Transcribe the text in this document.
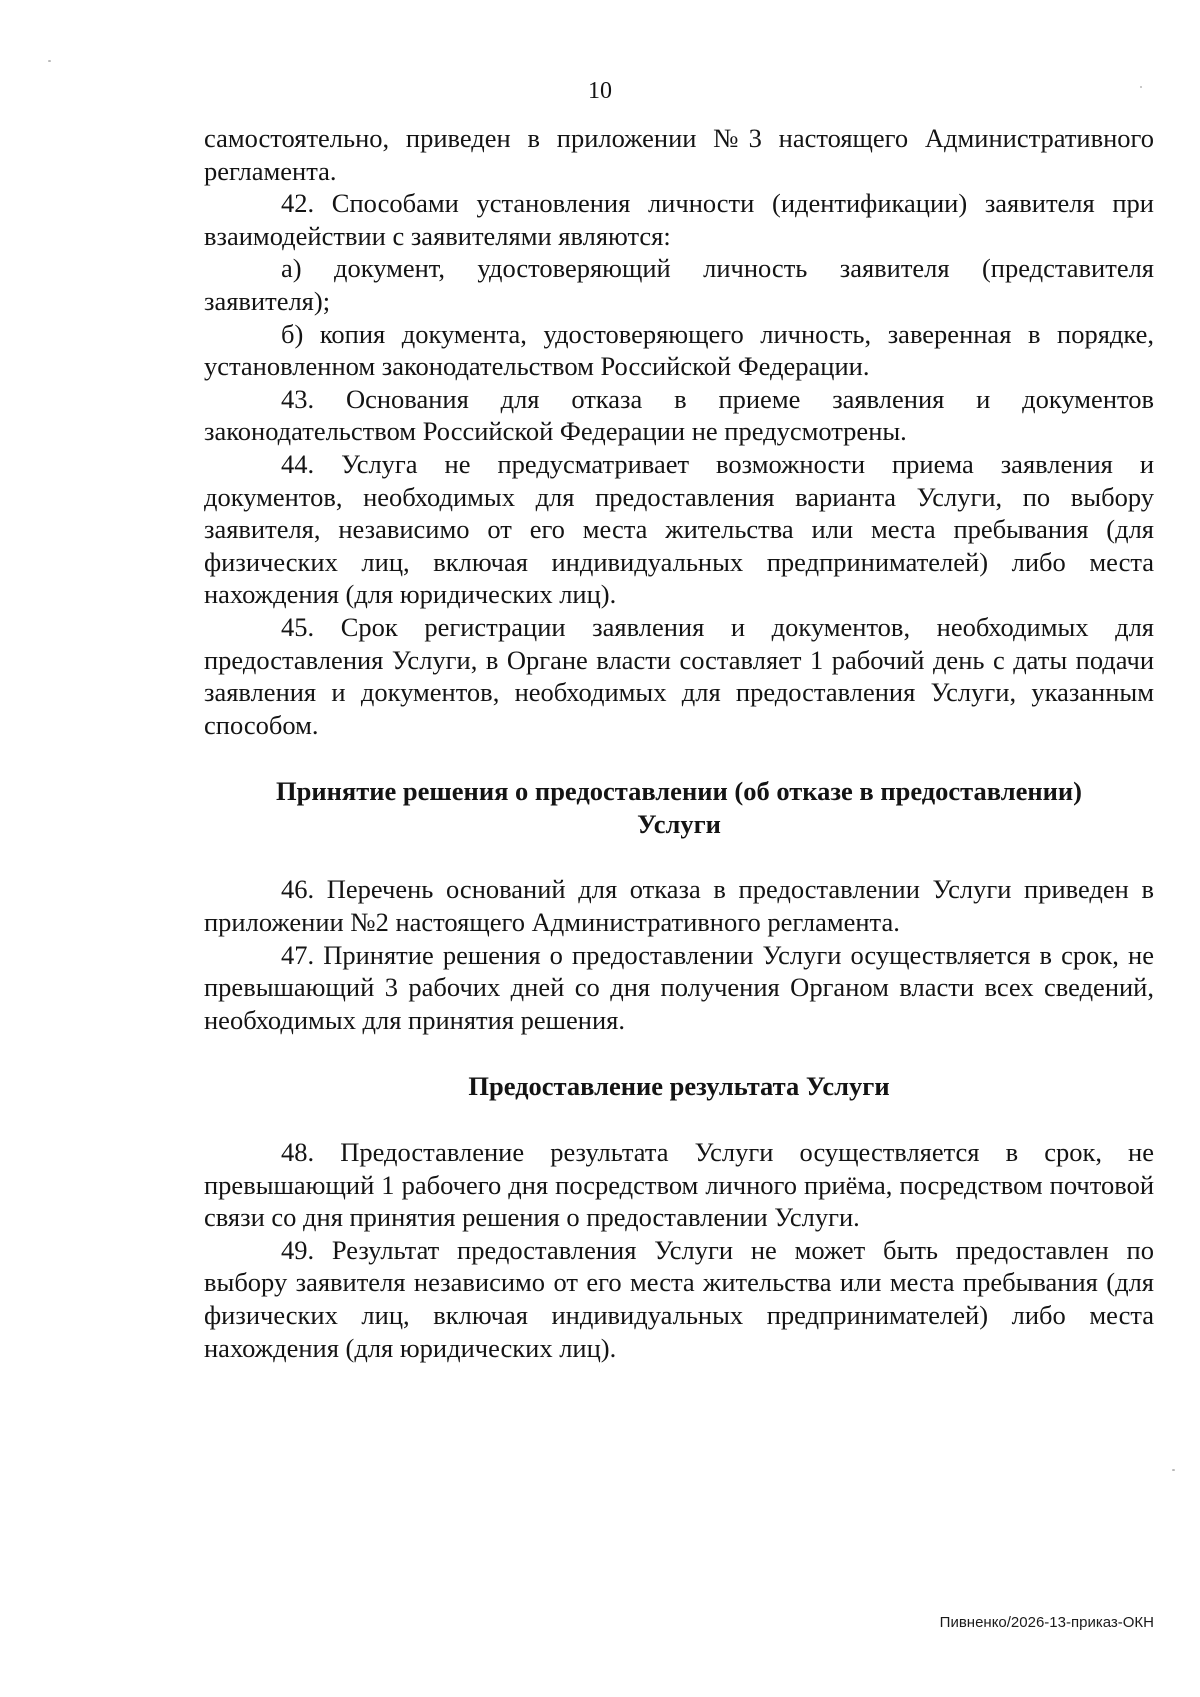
10

самостоятельно, приведен в приложении №3 настоящего Административного регламента.

42. Способами установления личности (идентификации) заявителя при взаимодействии с заявителями являются:

а) документ, удостоверяющий личность заявителя (представителя заявителя);

б) копия документа, удостоверяющего личность, заверенная в порядке, установленном законодательством Российской Федерации.

43. Основания для отказа в приеме заявления и документов законодательством Российской Федерации не предусмотрены.

44. Услуга не предусматривает возможности приема заявления и документов, необходимых для предоставления варианта Услуги, по выбору заявителя, независимо от его места жительства или места пребывания (для физических лиц, включая индивидуальных предпринимателей) либо места нахождения (для юридических лиц).

45. Срок регистрации заявления и документов, необходимых для предоставления Услуги, в Органе власти составляет 1 рабочий день с даты подачи заявления и документов, необходимых для предоставления Услуги, указанным способом.

Принятие решения о предоставлении (об отказе в предоставлении)

Услуги

46. Перечень оснований для отказа в предоставлении Услуги приведен в приложении №2 настоящего Административного регламента.

47. Принятие решения о предоставлении Услуги осуществляется в срок, не превышающий 3 рабочих дней со дня получения Органом власти всех сведений, необходимых для принятия решения.

Предоставление результата Услуги

48. Предоставление результата Услуги осуществляется в срок, не превышающий 1 рабочего дня посредством личного приёма, посредством почтовой связи со дня принятия решения о предоставлении Услуги.

49. Результат предоставления Услуги не может быть предоставлен по выбору заявителя независимо от его места жительства или места пребывания (для физических лиц, включая индивидуальных предпринимателей) либо места нахождения (для юридических лиц).

Пивненко/2026-13-приказ-ОКН
